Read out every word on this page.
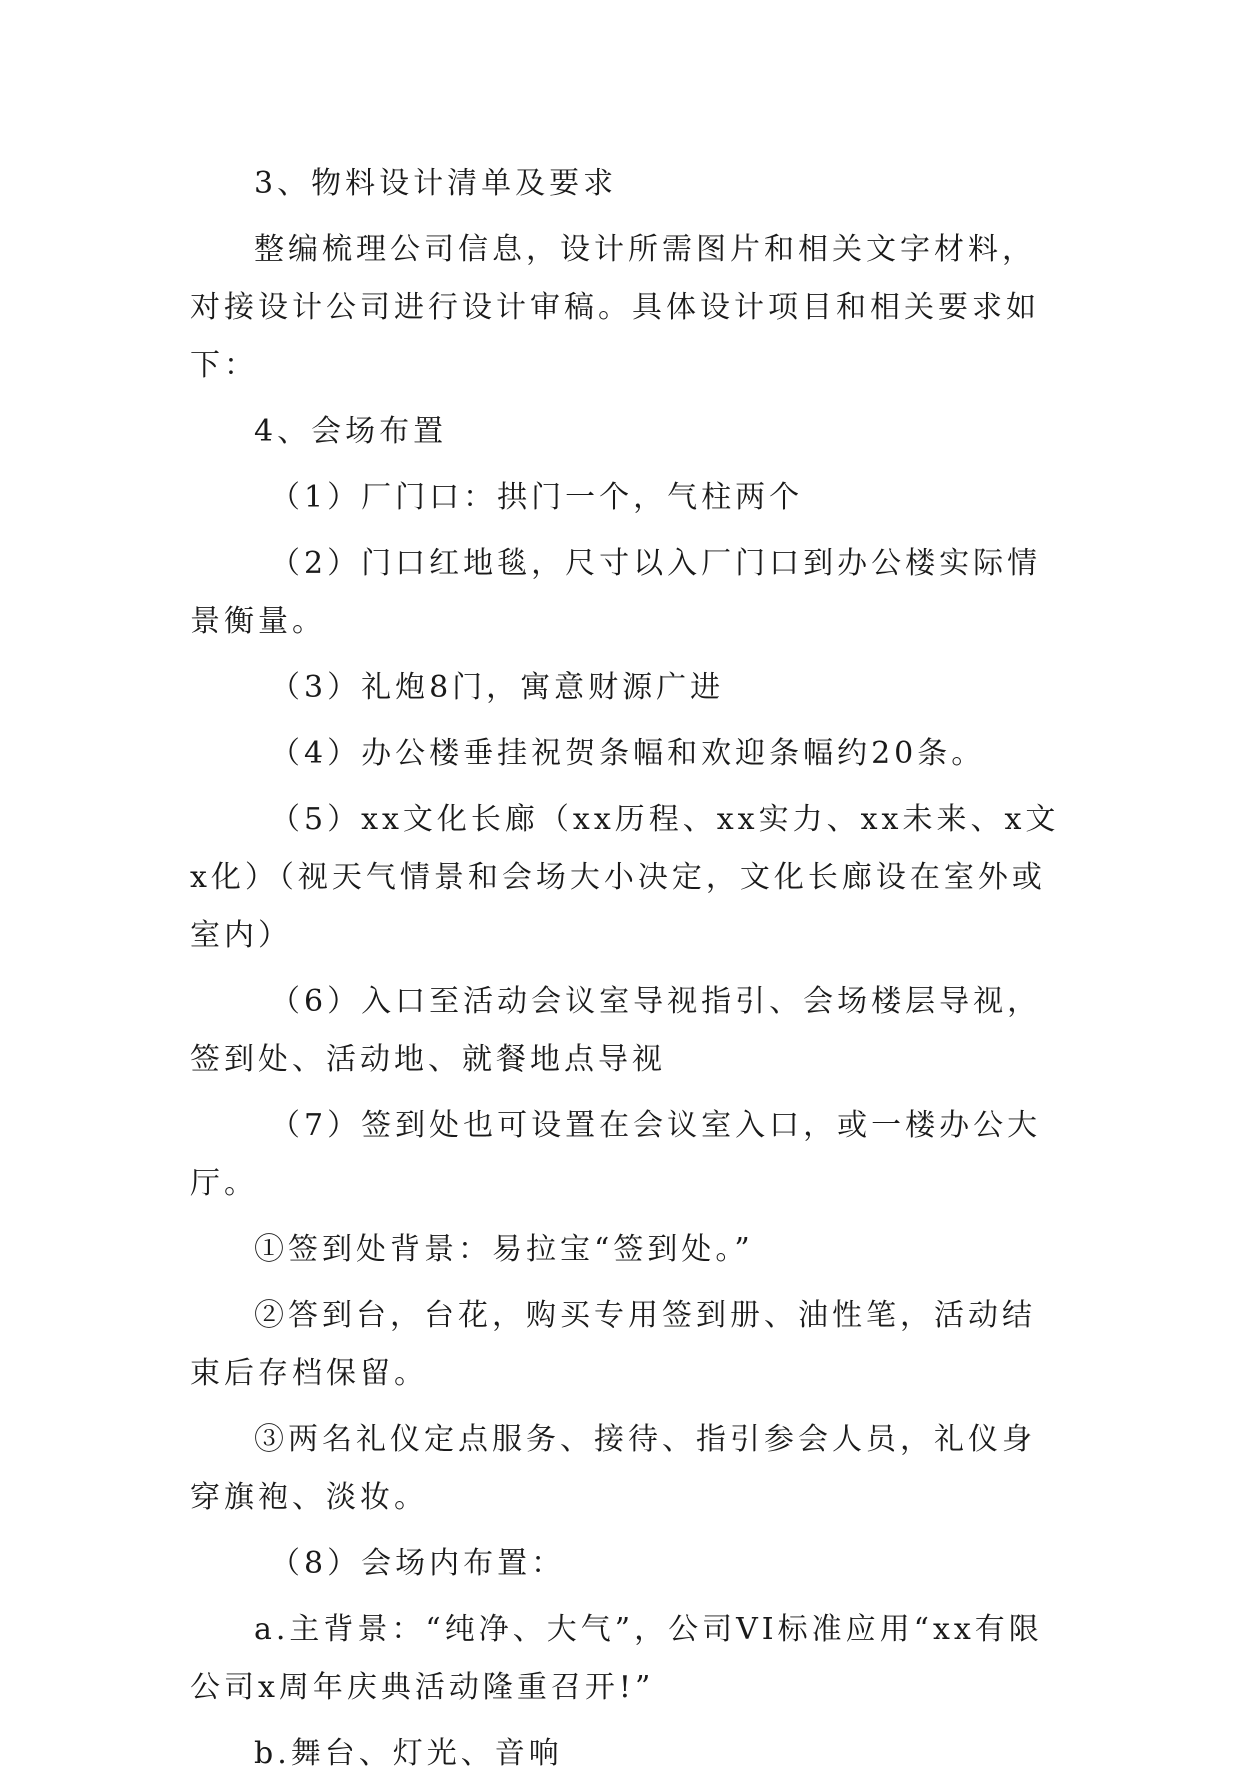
3、物料设计清单及要求

整编梳理公司信息，设计所需图片和相关文字材料，对接设计公司进行设计审稿。具体设计项目和相关要求如下：

4、会场布置

（1）厂门口：拱门一个，气柱两个

（2）门口红地毯，尺寸以入厂门口到办公楼实际情景衡量。

（3）礼炮8门，寓意财源广进

（4）办公楼垂挂祝贺条幅和欢迎条幅约20条。

（5）xx文化长廊（xx历程、xx实力、xx未来、x文x化）（视天气情景和会场大小决定，文化长廊设在室外或室内）

（6）入口至活动会议室导视指引、会场楼层导视，签到处、活动地、就餐地点导视

（7）签到处也可设置在会议室入口，或一楼办公大厅。

①签到处背景：易拉宝“签到处。”

②答到台，台花，购买专用签到册、油性笔，活动结束后存档保留。

③两名礼仪定点服务、接待、指引参会人员，礼仪身穿旗袍、淡妆。

（8）会场内布置：

a.主背景：“纯净、大气”，公司VI标准应用“xx有限公司x周年庆典活动隆重召开!”

b.舞台、灯光、音响
